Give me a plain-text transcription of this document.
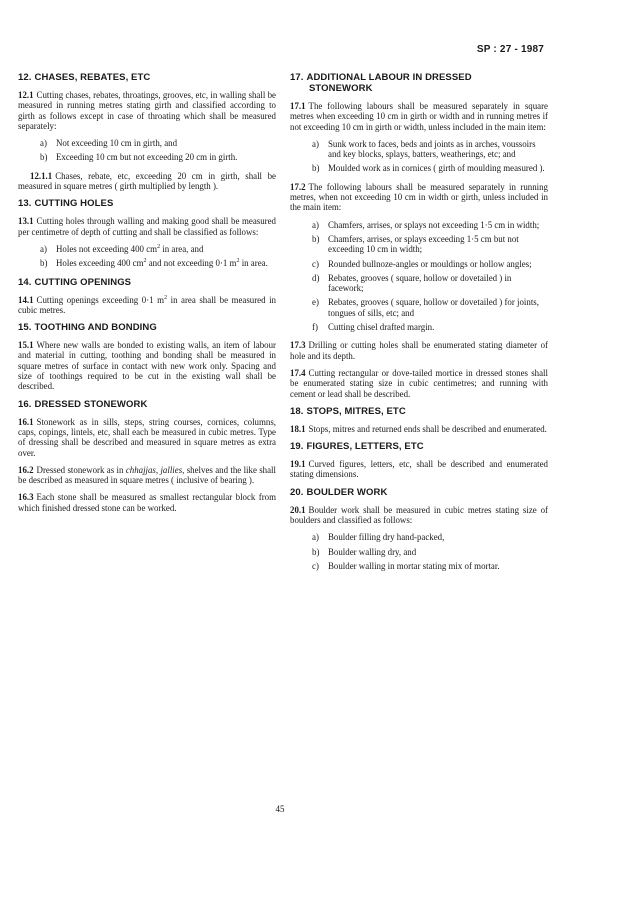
SP : 27 - 1987
12. CHASES, REBATES, ETC

12.1 Cutting chases, rebates, throatings, grooves, etc, in walling shall be measured in running metres stating girth and classified according to girth as follows except in case of throating which shall be measured separately:

a) Not exceeding 10 cm in girth, and
b) Exceeding 10 cm but not exceeding 20 cm in girth.

12.1.1 Chases, rebate, etc, exceeding 20 cm in girth, shall be measured in square metres ( girth multiplied by length ).

13. CUTTING HOLES

13.1 Cutting holes through walling and making good shall be measured per centimetre of depth of cutting and shall be classified as follows:

a) Holes not exceeding 400 $cm^2$ in area, and
b) Holes exceeding 400 $cm^2$ and not exceeding 0·1 $m^2$ in area.
14. CUTTING OPENINGS

14.1 Cutting openings exceeding 0·1 $m^2$ in area shall be measured in cubic metres.

15. TOOTHING AND BONDING

15.1 Where new walls are bonded to existing walls, an item of labour and material in cutting, toothing and bonding shall be measured in square metres of surface in contact with new work only. Spacing and size of toothings required to be cut in the existing wall shall be described.

16. DRESSED STONEWORK

16.1 Stonework as in sills, steps, string courses, cornices, columns, caps, copings, lintels, etc, shall each be measured in cubic metres. Type of dressing shall be described and measured in square metres as extra over.

16.2 Dressed stonework as in chhajjas, jallies, shelves and the like shall be described as measured in square metres ( inclusive of bearing ).

16.3 Each stone shall be measured as smallest rectangular block from which finished dressed stone can be worked.

17. ADDITIONAL LABOUR IN DRESSED
STONEWORK

17.1 The following labours shall be measured separately in square metres when exceeding 10 cm in girth or width and in running metres if not exceeding 10 cm in girth or width, unless included in the main item:

a) Sunk work to faces, beds and joints as in arches, voussoirs and key blocks, splays, batters, weatherings, etc; and
b) Moulded work as in cornices ( girth of moulding measured ).

17.2 The following labours shall be measured separately in running metres, when not exceeding 10 cm in width or girth, unless included in the main item:

a) Chamfers, arrises, or splays not exceeding 1·5 cm in width;
b) Chamfers, arrises, or splays exceeding 1·5 cm but not exceeding 10 cm in width;
c) Rounded bullnoze-angles or mouldings or hollow angles;
d) Rebates, grooves ( square, hollow or dovetailed ) in facework;
e) Rebates, grooves ( square, hollow or dovetailed ) for joints, tongues of sills, etc; and
f) Cutting chisel drafted margin.

17.3 Drilling or cutting holes shall be enumerated stating diameter of hole and its depth.

17.4 Cutting rectangular or dove-tailed mortice in dressed stones shall be enumerated stating size in cubic centimetres; and running with cement or lead shall be described.

18. STOPS, MITRES, ETC

18.1 Stops, mitres and returned ends shall be described and enumerated.

19. FIGURES, LETTERS, ETC

19.1 Curved figures, letters, etc, shall be described and enumerated stating dimensions.

20. BOULDER WORK

20.1 Boulder work shall be measured in cubic metres stating size of boulders and classified as follows:

a) Boulder filling dry hand-packed,
b) Boulder walling dry, and
c) Boulder walling in mortar stating mix of mortar.
45
